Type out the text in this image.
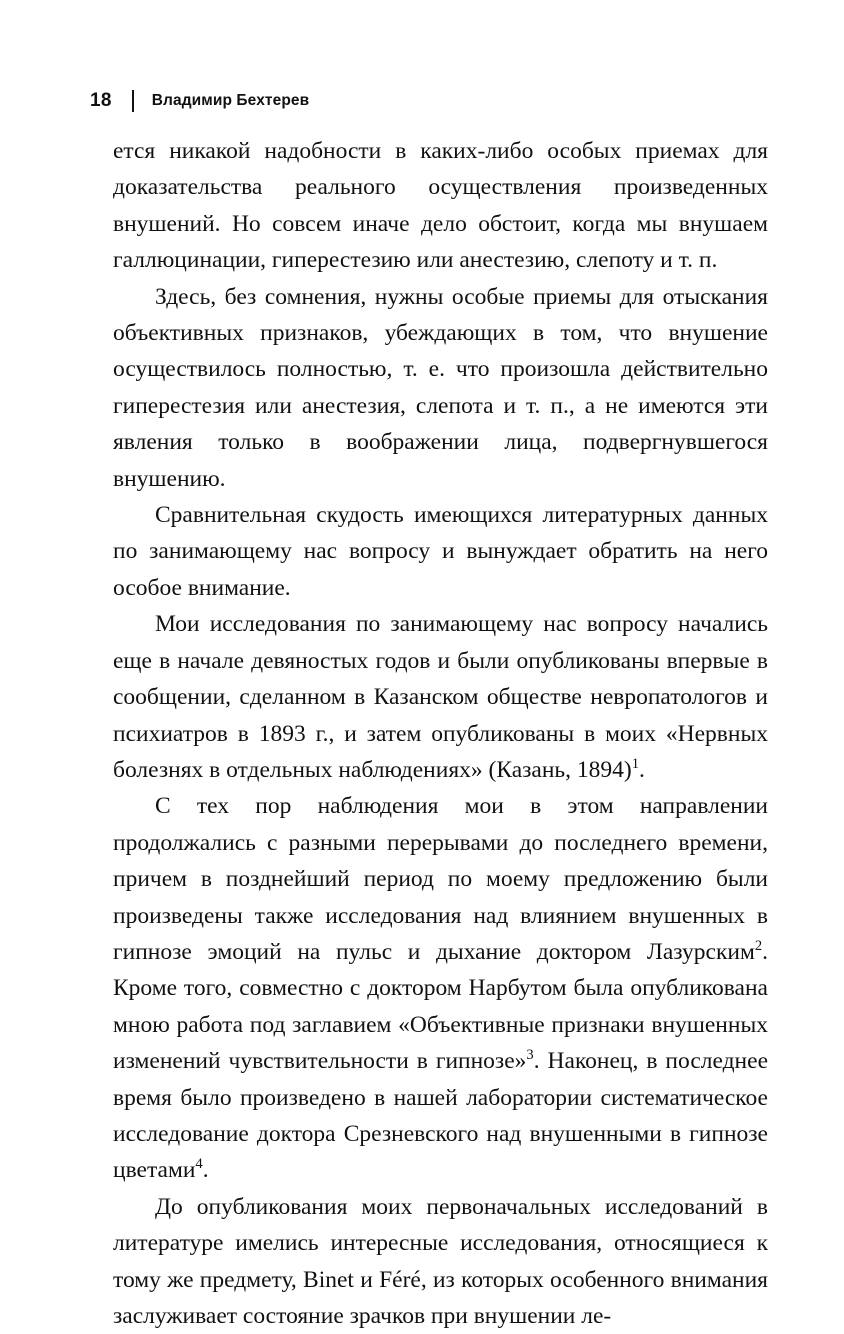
18	Владимир Бехтерев

ется никакой надобности в каких-либо особых приемах для доказательства реального осуществления произведенных внушений. Но совсем иначе дело обстоит, когда мы внушаем галлюцинации, гиперестезию или анестезию, слепоту и т. п.

Здесь, без сомнения, нужны особые приемы для отыскания объективных признаков, убеждающих в том, что внушение осуществилось полностью, т. е. что произошла действительно гиперестезия или анестезия, слепота и т. п., а не имеются эти явления только в воображении лица, подвергнувшегося внушению.

Сравнительная скудость имеющихся литературных данных по занимающему нас вопросу и вынуждает обратить на него особое внимание.

Мои исследования по занимающему нас вопросу начались еще в начале девяностых годов и были опубликованы впервые в сообщении, сделанном в Казанском обществе невропатологов и психиатров в 1893 г., и затем опубликованы в моих «Нервных болезнях в отдельных наблюдениях» (Казань, 1894)$^1$.

С тех пор наблюдения мои в этом направлении продолжались с разными перерывами до последнего времени, причем в позднейший период по моему предложению были произведены также исследования над влиянием внушенных в гипнозе эмоций на пульс и дыхание доктором Лазурским$^2$. Кроме того, совместно с доктором Нарбутом была опубликована мною работа под заглавием «Объективные признаки внушенных изменений чувствительности в гипнозе»$^3$. Наконец, в последнее время было произведено в нашей лаборатории систематическое исследование доктора Срезневского над внушенными в гипнозе цветами$^4$.

До опубликования моих первоначальных исследований в литературе имелись интересные исследования, относящиеся к тому же предмету, Binet и Féré, из которых особенного внимания заслуживает состояние зрачков при внушении ле-
